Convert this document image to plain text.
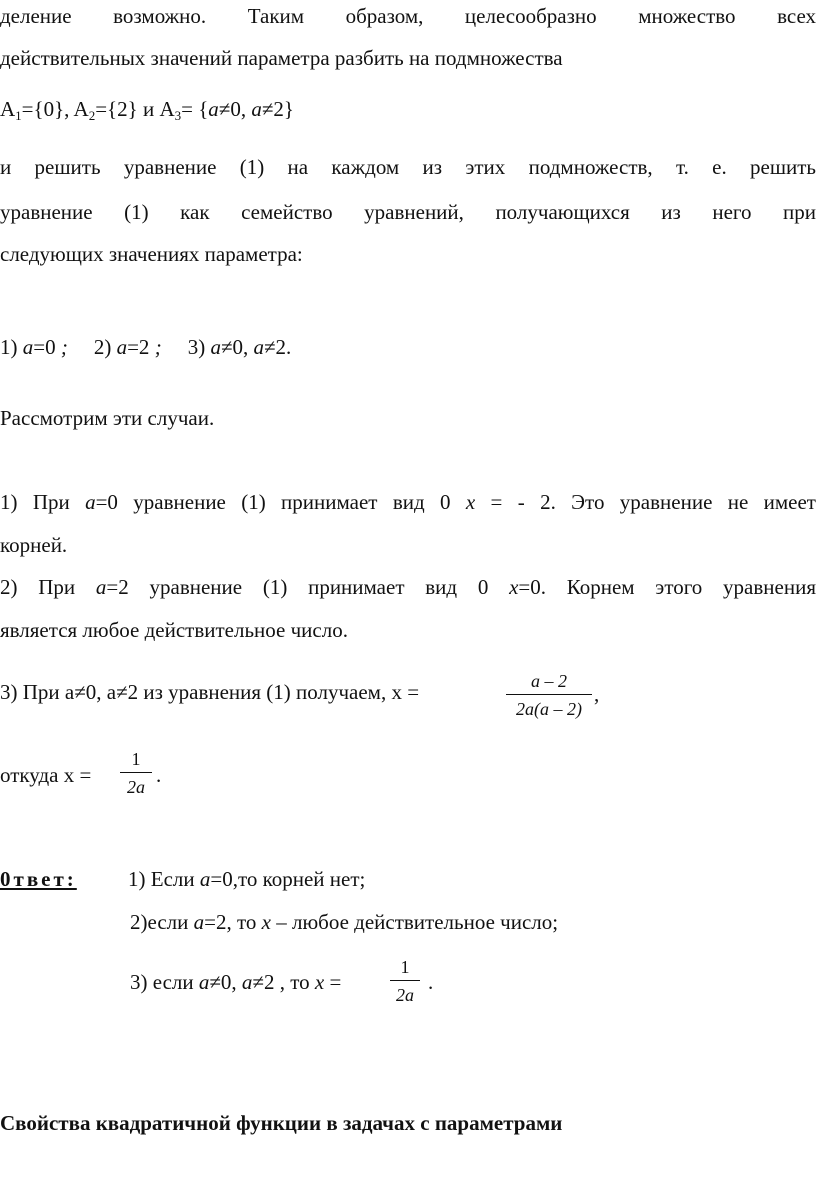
деление возможно. Таким образом, целесообразно множество всех
действительных значений параметра разбить на подмножества
$A_1=\{0\}$, $A_2=\{2\}$ и $A_3= \{a\ne 0$, a≠2}
и решить уравнение (1) на каждом из этих подмножеств, т. е. решить
уравнение (1) как семейство уравнений, получающихся из него при
следующих значениях параметра:
1) a=0 ; 2) a=2 ; 3) a≠0, a≠2.
Рассмотрим эти случаи.
1) При a=0 уравнение (1) принимает вид 0 x = - 2. Это уравнение не имеет
корней.
2) При a=2 уравнение (1) принимает вид 0 x=0. Корнем этого уравнения
является любое действительное число.
3) При a≠0, a≠2 из уравнения (1) получаем, x =	a – 2
2a(a – 2)
,
откуда x =
1
2a .
0твет: 1) Если a=0,то корней нет;
2)если a=2, то x – любое действительное число;
3) если a≠0, a≠2 , то x =
1
2a
.
Свойства квадратичной функции в задачах с параметрами
